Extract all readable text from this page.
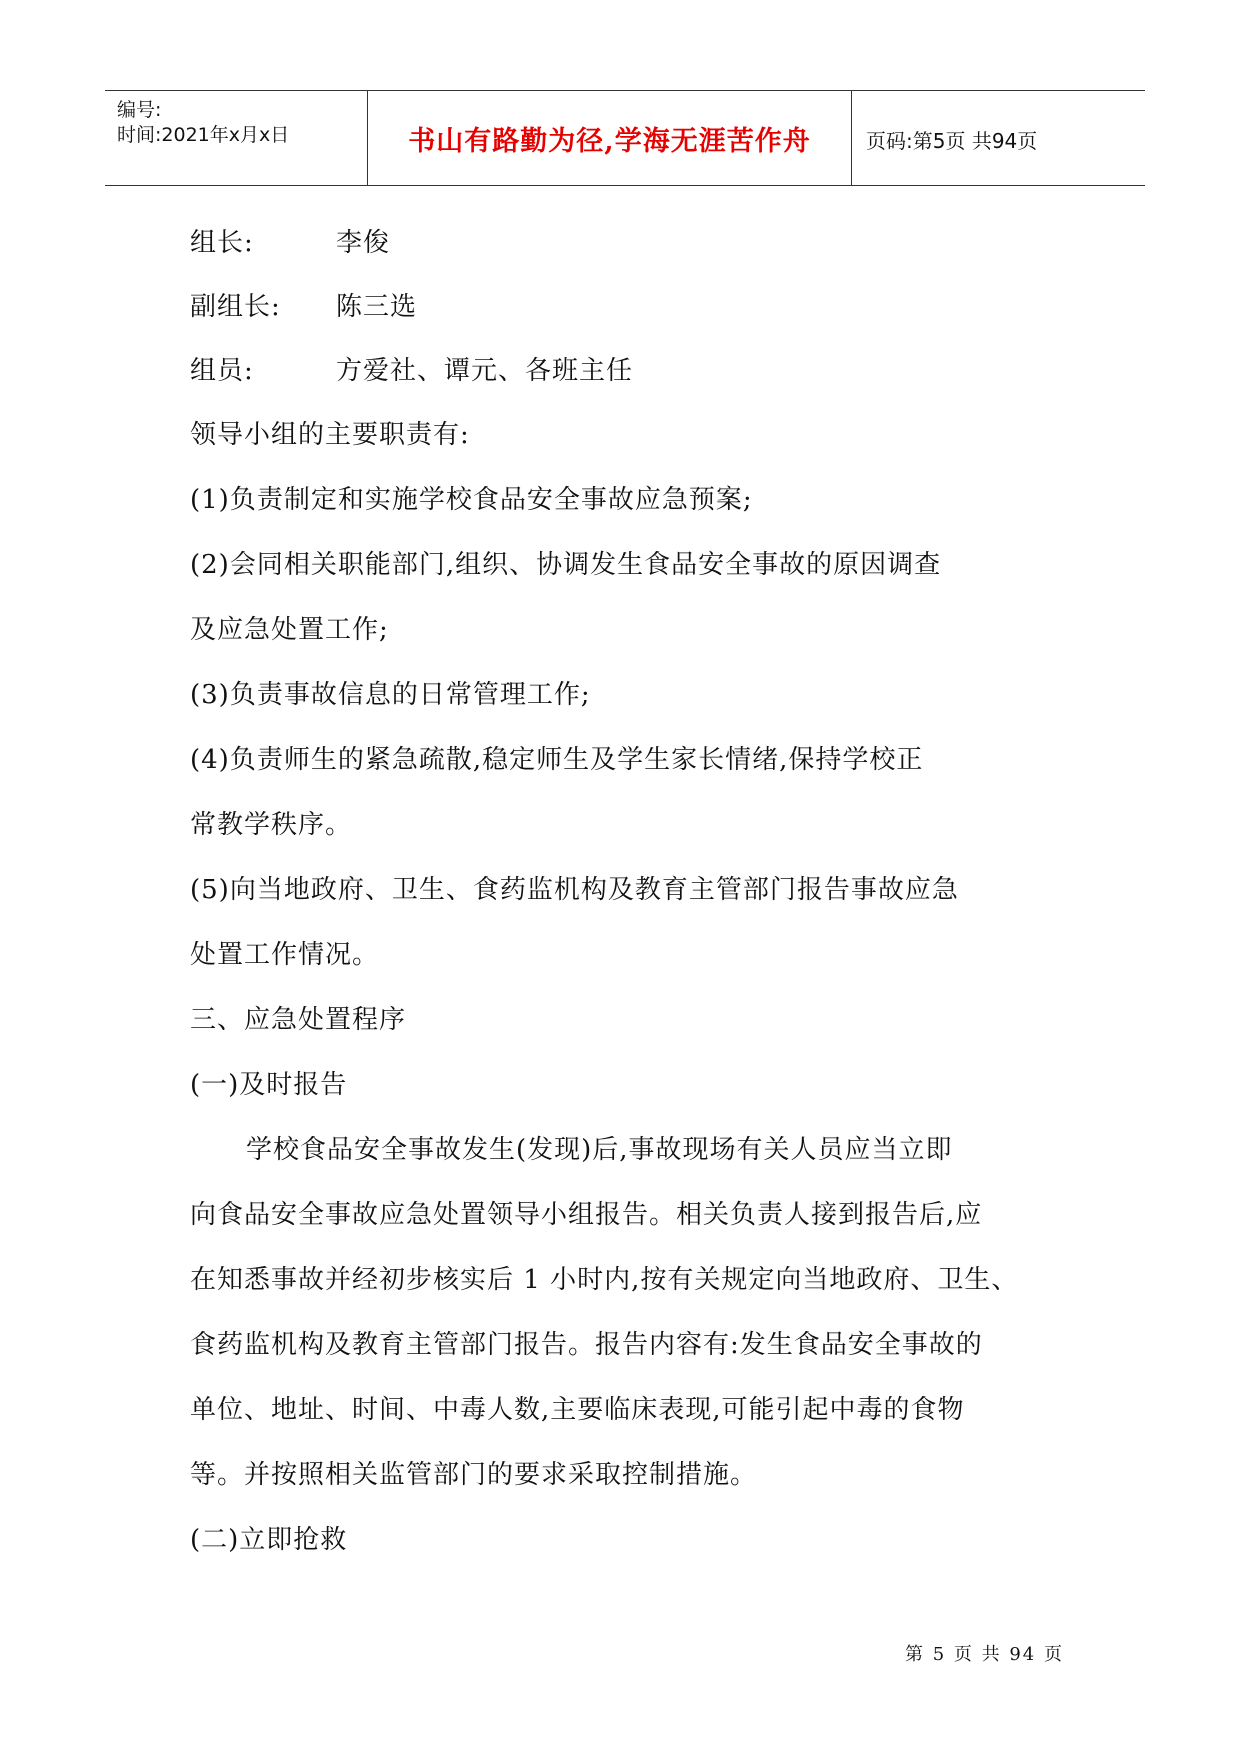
编号:
时间:2021年x月x日	书山有路勤为径,学海无涯苦作舟	页码:第5页 共94页
组长:	李俊
副组长: 陈三选
组员:	方爱社、谭元、各班主任
领导小组的主要职责有:
(1)负责制定和实施学校食品安全事故应急预案;
(2)会同相关职能部门,组织、协调发生食品安全事故的原因调查
及应急处置工作;
(3)负责事故信息的日常管理工作;
(4)负责师生的紧急疏散,稳定师生及学生家长情绪,保持学校正
常教学秩序。
(5)向当地政府、卫生、食药监机构及教育主管部门报告事故应急
处置工作情况。
三、应急处置程序
(一)及时报告
学校食品安全事故发生(发现)后,事故现场有关人员应当立即
向食品安全事故应急处置领导小组报告。相关负责人接到报告后,应
在知悉事故并经初步核实后 1 小时内,按有关规定向当地政府、卫生、
食药监机构及教育主管部门报告。报告内容有:发生食品安全事故的
单位、地址、时间、中毒人数,主要临床表现,可能引起中毒的食物
等。并按照相关监管部门的要求采取控制措施。
(二)立即抢救
第 5 页 共 94 页
